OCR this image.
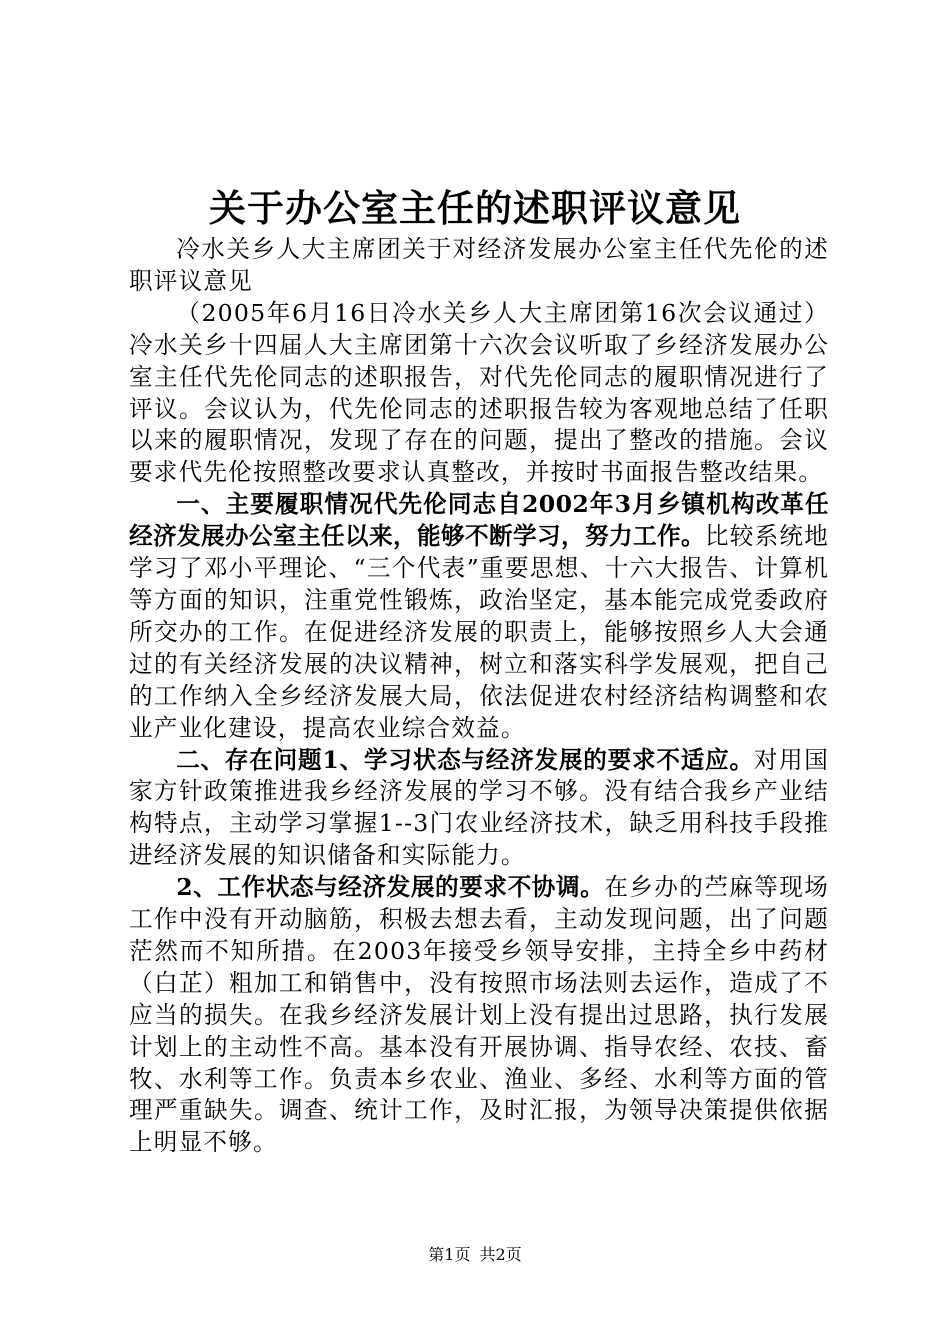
关于办公室主任的述职评议意见

冷水关乡人大主席团关于对经济发展办公室主任代先伦的述职评议意见

（2005年6月16日冷水关乡人大主席团第16次会议通过）冷水关乡十四届人大主席团第十六次会议听取了乡经济发展办公室主任代先伦同志的述职报告，对代先伦同志的履职情况进行了评议。会议认为，代先伦同志的述职报告较为客观地总结了任职以来的履职情况，发现了存在的问题，提出了整改的措施。会议要求代先伦按照整改要求认真整改，并按时书面报告整改结果。

一、主要履职情况代先伦同志自2002年3月乡镇机构改革任经济发展办公室主任以来，能够不断学习，努力工作。比较系统地学习了邓小平理论、“三个代表”重要思想、十六大报告、计算机等方面的知识，注重党性锻炼，政治坚定，基本能完成党委政府所交办的工作。在促进经济发展的职责上，能够按照乡人大会通过的有关经济发展的决议精神，树立和落实科学发展观，把自己的工作纳入全乡经济发展大局，依法促进农村经济结构调整和农业产业化建设，提高农业综合效益。

二、存在问题1、学习状态与经济发展的要求不适应。对用国家方针政策推进我乡经济发展的学习不够。没有结合我乡产业结构特点，主动学习掌握1--3门农业经济技术，缺乏用科技手段推进经济发展的知识储备和实际能力。

2、工作状态与经济发展的要求不协调。在乡办的苎麻等现场工作中没有开动脑筋，积极去想去看，主动发现问题，出了问题茫然而不知所措。在2003年接受乡领导安排，主持全乡中药材（白芷）粗加工和销售中，没有按照市场法则去运作，造成了不应当的损失。在我乡经济发展计划上没有提出过思路，执行发展计划上的主动性不高。基本没有开展协调、指导农经、农技、畜牧、水利等工作。负责本乡农业、渔业、多经、水利等方面的管理严重缺失。调查、统计工作，及时汇报，为领导决策提供依据上明显不够。

第1页 共2页
